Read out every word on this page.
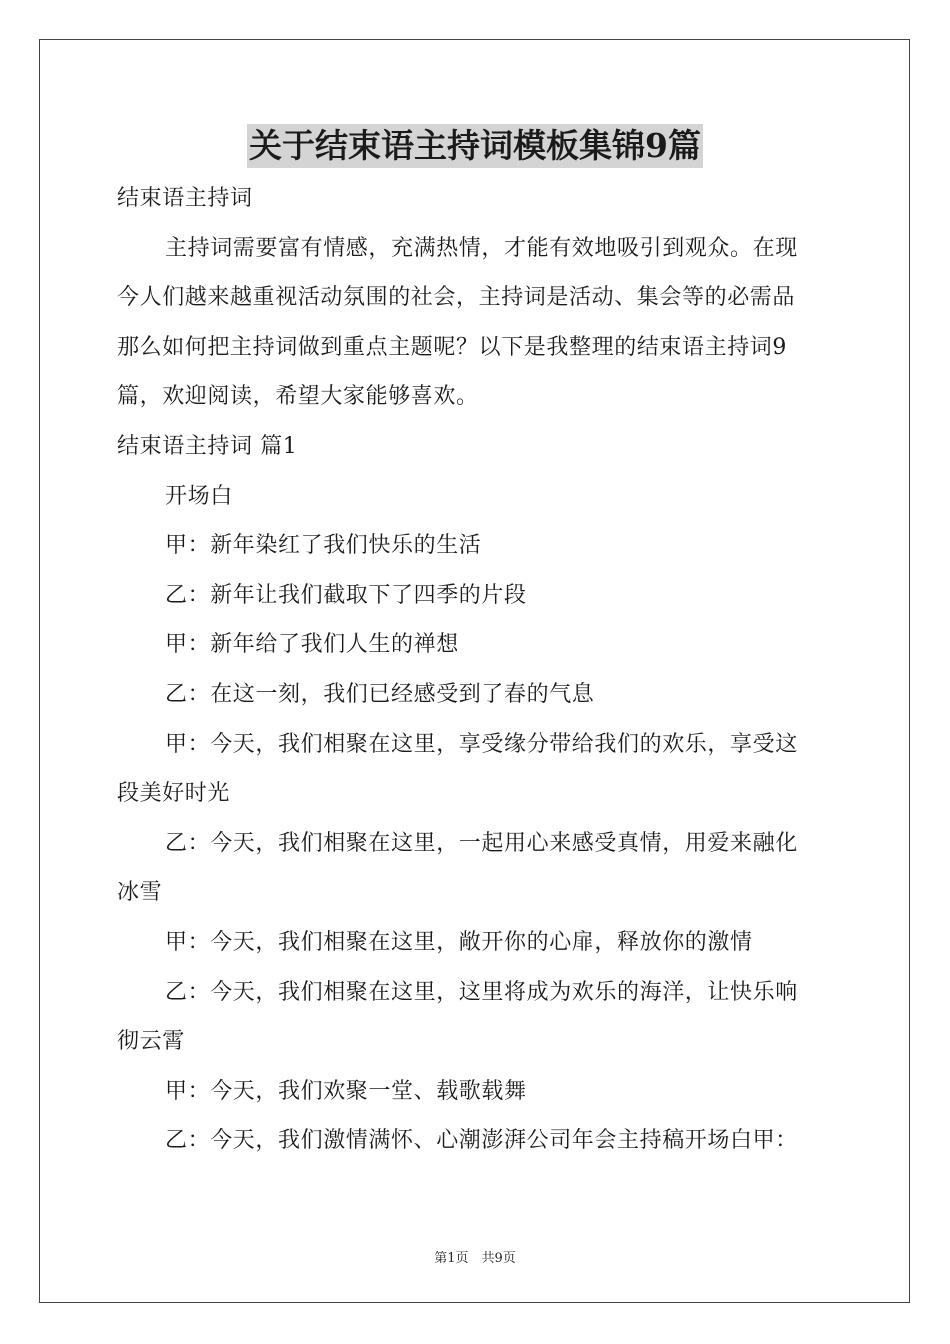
关于结束语主持词模板集锦9篇
结束语主持词
主持词需要富有情感，充满热情，才能有效地吸引到观众。在现
今人们越来越重视活动氛围的社会，主持词是活动、集会等的必需品
那么如何把主持词做到重点主题呢？以下是我整理的结束语主持词9
篇，欢迎阅读，希望大家能够喜欢。
结束语主持词 篇1
开场白
甲：新年染红了我们快乐的生活
乙：新年让我们截取下了四季的片段
甲：新年给了我们人生的禅想
乙：在这一刻，我们已经感受到了春的气息
甲：今天，我们相聚在这里，享受缘分带给我们的欢乐，享受这
段美好时光
乙：今天，我们相聚在这里，一起用心来感受真情，用爱来融化
冰雪
甲：今天，我们相聚在这里，敞开你的心扉，释放你的激情
乙：今天，我们相聚在这里，这里将成为欢乐的海洋，让快乐响
彻云霄
甲：今天，我们欢聚一堂、载歌载舞
乙：今天，我们激情满怀、心潮澎湃公司年会主持稿开场白甲：
第1页　共9页
